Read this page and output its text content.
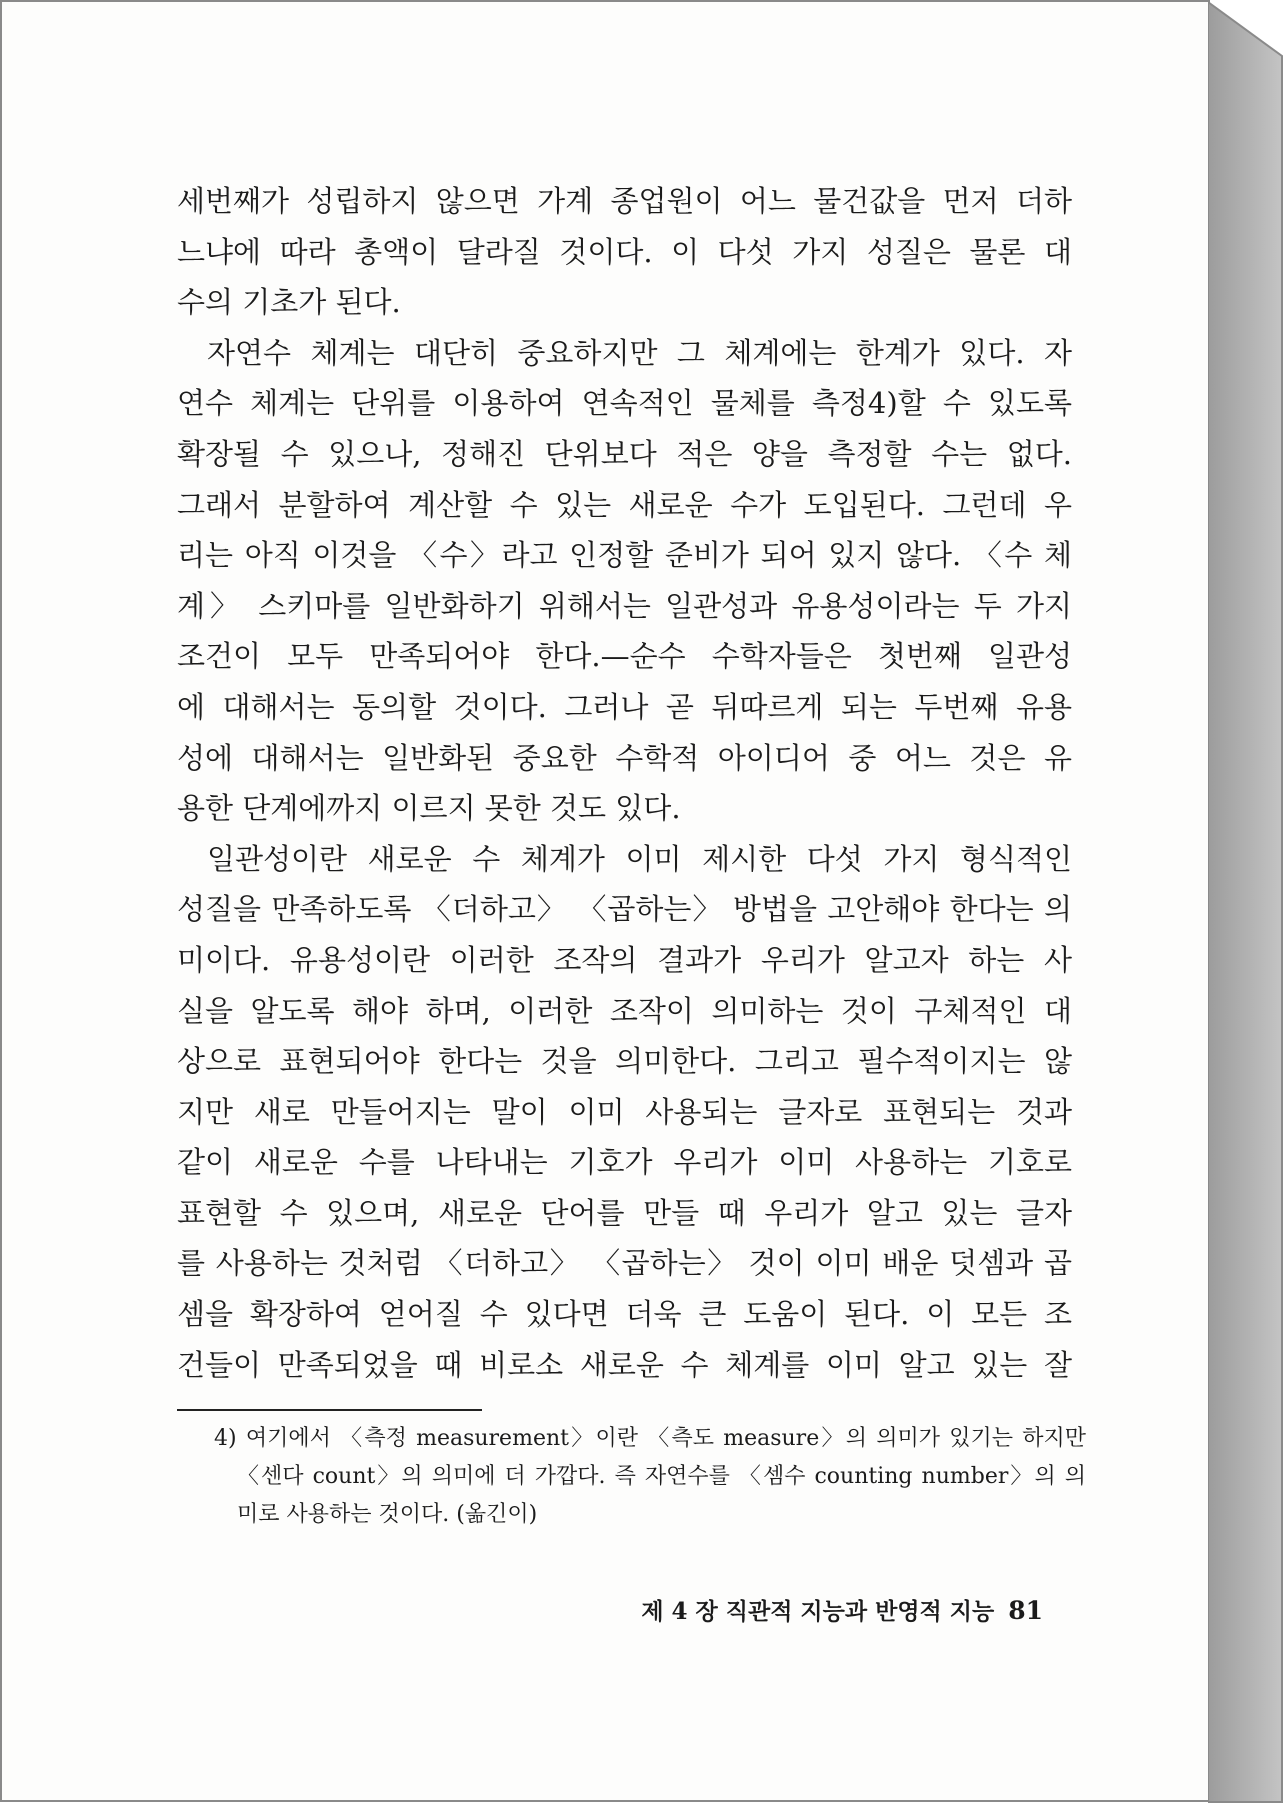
세번째가 성립하지 않으면 가계 종업원이 어느 물건값을 먼저 더하
느냐에 따라 총액이 달라질 것이다. 이 다섯 가지 성질은 물론 대
수의 기초가 된다.
자연수 체계는 대단히 중요하지만 그 체계에는 한계가 있다. 자
연수 체계는 단위를 이용하여 연속적인 물체를 측정4)할 수 있도록
확장될 수 있으나, 정해진 단위보다 적은 양을 측정할 수는 없다.
그래서 분할하여 계산할 수 있는 새로운 수가 도입된다. 그런데 우
리는 아직 이것을 〈수〉라고 인정할 준비가 되어 있지 않다. 〈수 체
계〉 스키마를 일반화하기 위해서는 일관성과 유용성이라는 두 가지
조건이 모두 만족되어야 한다.—순수 수학자들은 첫번째 일관성
에 대해서는 동의할 것이다. 그러나 곧 뒤따르게 되는 두번째 유용
성에 대해서는 일반화된 중요한 수학적 아이디어 중 어느 것은 유
용한 단계에까지 이르지 못한 것도 있다.
일관성이란 새로운 수 체계가 이미 제시한 다섯 가지 형식적인
성질을 만족하도록 〈더하고〉 〈곱하는〉 방법을 고안해야 한다는 의
미이다. 유용성이란 이러한 조작의 결과가 우리가 알고자 하는 사
실을 알도록 해야 하며, 이러한 조작이 의미하는 것이 구체적인 대
상으로 표현되어야 한다는 것을 의미한다. 그리고 필수적이지는 않
지만 새로 만들어지는 말이 이미 사용되는 글자로 표현되는 것과
같이 새로운 수를 나타내는 기호가 우리가 이미 사용하는 기호로
표현할 수 있으며, 새로운 단어를 만들 때 우리가 알고 있는 글자
를 사용하는 것처럼 〈더하고〉 〈곱하는〉 것이 이미 배운 덧셈과 곱
셈을 확장하여 얻어질 수 있다면 더욱 큰 도움이 된다. 이 모든 조
건들이 만족되었을 때 비로소 새로운 수 체계를 이미 알고 있는 잘
4) 여기에서 〈측정 measurement〉이란 〈측도 measure〉의 의미가 있기는 하지만
〈센다 count〉의 의미에 더 가깝다. 즉 자연수를 〈셈수 counting number〉의 의
미로 사용하는 것이다. (옮긴이)
제 4 장 직관적 지능과 반영적 지능 81
